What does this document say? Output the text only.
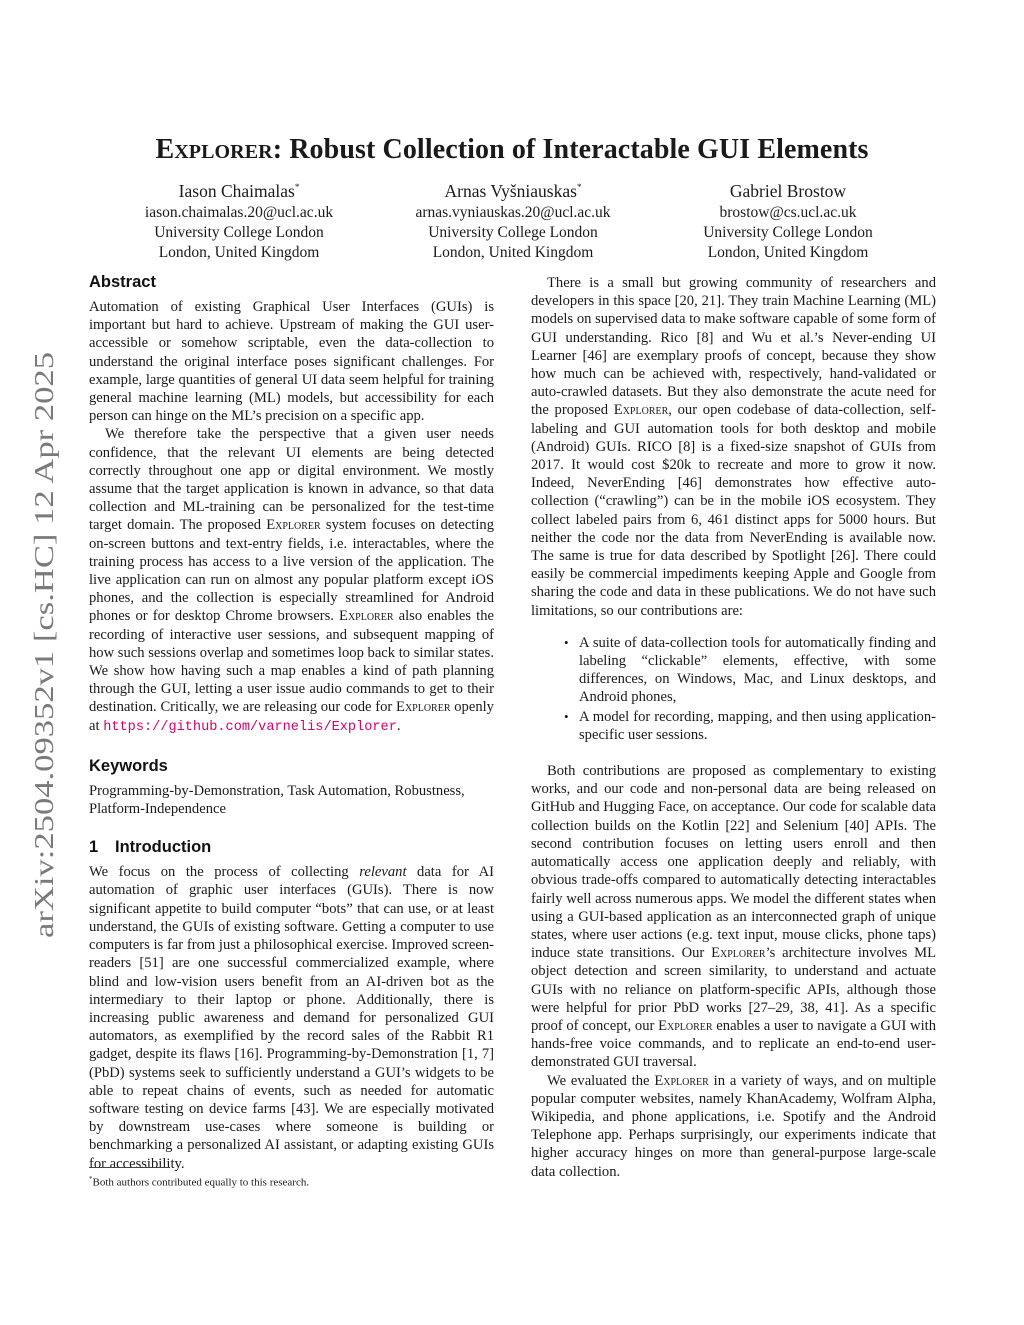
arXiv:2504.09352v1 [cs.HC] 12 Apr 2025
Explorer: Robust Collection of Interactable GUI Elements
Iason Chaimalas*
iason.chaimalas.20@ucl.ac.uk
University College London
London, United Kingdom
Arnas Vyšniauskas*
arnas.vyniauskas.20@ucl.ac.uk
University College London
London, United Kingdom
Gabriel Brostow
brostow@cs.ucl.ac.uk
University College London
London, United Kingdom
Abstract

Automation of existing Graphical User Interfaces (GUIs) is important but hard to achieve. Upstream of making the GUI user-accessible or somehow scriptable, even the data-collection to understand the original interface poses significant challenges. For example, large quantities of general UI data seem helpful for training general machine learning (ML) models, but accessibility for each person can hinge on the ML’s precision on a specific app.

We therefore take the perspective that a given user needs confidence, that the relevant UI elements are being detected correctly throughout one app or digital environment. We mostly assume that the target application is known in advance, so that data collection and ML-training can be personalized for the test-time target domain. The proposed Explorer system focuses on detecting on-screen buttons and text-entry fields, i.e. interactables, where the training process has access to a live version of the application. The live application can run on almost any popular platform except iOS phones, and the collection is especially streamlined for Android phones or for desktop Chrome browsers. Explorer also enables the recording of interactive user sessions, and subsequent mapping of how such sessions overlap and sometimes loop back to similar states. We show how having such a map enables a kind of path planning through the GUI, letting a user issue audio commands to get to their destination. Critically, we are releasing our code for Explorer openly at https://github.com/varnelis/Explorer.

Keywords

Programming-by-Demonstration, Task Automation, Robustness, Platform-Independence

1 Introduction

We focus on the process of collecting relevant data for AI automation of graphic user interfaces (GUIs). There is now significant appetite to build computer “bots” that can use, or at least understand, the GUIs of existing software. Getting a computer to use computers is far from just a philosophical exercise. Improved screen-readers [51] are one successful commercialized example, where blind and low-vision users benefit from an AI-driven bot as the intermediary to their laptop or phone. Additionally, there is increasing public awareness and demand for personalized GUI automators, as exemplified by the record sales of the Rabbit R1 gadget, despite its flaws [16]. Programming-by-Demonstration [1, 7] (PbD) systems seek to sufficiently understand a GUI’s widgets to be able to repeat chains of events, such as needed for automatic software testing on device farms [43]. We are especially motivated by downstream use-cases where someone is building or benchmarking a personalized AI assistant, or adapting existing GUIs for accessibility.

There is a small but growing community of researchers and developers in this space [20, 21]. They train Machine Learning (ML) models on supervised data to make software capable of some form of GUI understanding. Rico [8] and Wu et al.’s Never-ending UI Learner [46] are exemplary proofs of concept, because they show how much can be achieved with, respectively, hand-validated or auto-crawled datasets. But they also demonstrate the acute need for the proposed Explorer, our open codebase of data-collection, self-labeling and GUI automation tools for both desktop and mobile (Android) GUIs. RICO [8] is a fixed-size snapshot of GUIs from 2017. It would cost $20k to recreate and more to grow it now. Indeed, NeverEnding [46] demonstrates how effective auto-collection (“crawling”) can be in the mobile iOS ecosystem. They collect labeled pairs from 6, 461 distinct apps for 5000 hours. But neither the code nor the data from NeverEnding is available now. The same is true for data described by Spotlight [26]. There could easily be commercial impediments keeping Apple and Google from sharing the code and data in these publications. We do not have such limitations, so our contributions are:

• A suite of data-collection tools for automatically finding and labeling “clickable” elements, effective, with some differences, on Windows, Mac, and Linux desktops, and Android phones,
• A model for recording, mapping, and then using application-specific user sessions.

Both contributions are proposed as complementary to existing works, and our code and non-personal data are being released on GitHub and Hugging Face, on acceptance. Our code for scalable data collection builds on the Kotlin [22] and Selenium [40] APIs. The second contribution focuses on letting users enroll and then automatically access one application deeply and reliably, with obvious trade-offs compared to automatically detecting interactables fairly well across numerous apps. We model the different states when using a GUI-based application as an interconnected graph of unique states, where user actions (e.g. text input, mouse clicks, phone taps) induce state transitions. Our Explorer’s architecture involves ML object detection and screen similarity, to understand and actuate GUIs with no reliance on platform-specific APIs, although those were helpful for prior PbD works [27–29, 38, 41]. As a specific proof of concept, our Explorer enables a user to navigate a GUI with hands-free voice commands, and to replicate an end-to-end user-demonstrated GUI traversal.

We evaluated the Explorer in a variety of ways, and on multiple popular computer websites, namely KhanAcademy, Wolfram Alpha, Wikipedia, and phone applications, i.e. Spotify and the Android Telephone app. Perhaps surprisingly, our experiments indicate that higher accuracy hinges on more than general-purpose large-scale data collection.

*Both authors contributed equally to this research.
